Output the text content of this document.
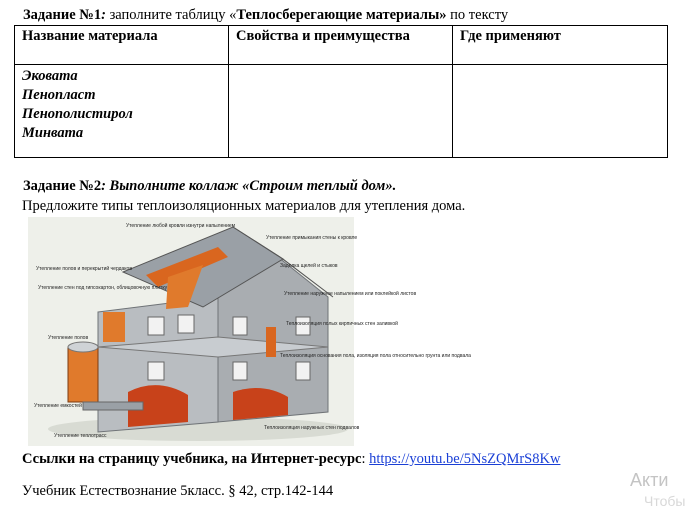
Задание №1: заполните таблицу «Теплосберегающие материалы» по тексту
Название материала	Свойства и преимущества	Где применяют

Эковата
Пенопласт
Пенополистирол
Минвата		

Задание №2: Выполните коллаж «Строим теплый дом».
Предложите типы теплоизоляционных материалов для утепления дома.
Утепление любой кровли изнутри напылением
Утепление примыкания стены к кровле
Заделка щелей и стыков
Утепление полов и перекрытий чердаков
Утепление наружное напылением или поклейкой листов
Утепление стен под гипсокартон, облицовочную плитку
Теплоизоляция полых кирпичных стен заливкой
Утепление полов
Теплоизоляция основания пола, изоляция пола относительно грунта или подвала
Утепление емкостей
Утепление теплотрасс
Теплоизоляция наружных стен подвалов
Ссылки на страницу учебника, на Интернет-ресурс: https://youtu.be/5NsZQMrS8Kw
Учебник Естествознание 5класс. § 42, стр.142-144
Акти
Чтобы
